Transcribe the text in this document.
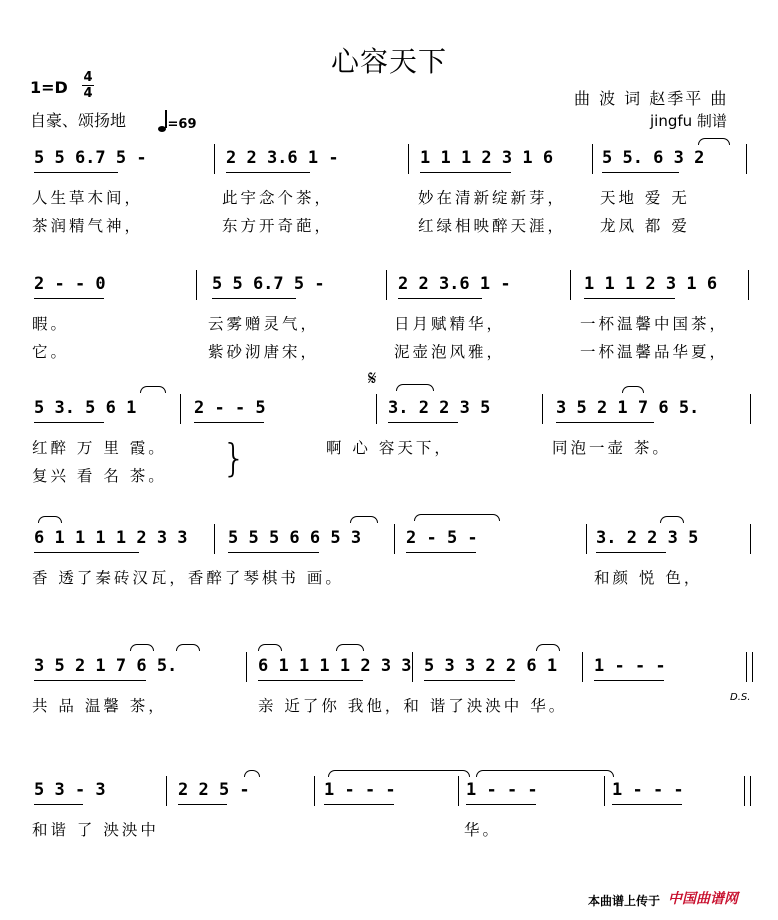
心容天下
1=D
4
4
自豪、颂扬地	=69
曲 波 词 赵季平 曲
jingfu 制谱
5 5 6.7 5 -	2 2 3.6 1 -	1 1 1 2 3 1 6	5 5. 6 3 2
人生草木间，	此宇念个茶，	妙在清新绽新芽， 天地 爱 无
茶润精气神，	东方开奇葩，	红绿相映醉天涯， 龙凤 都 爱
2 - - 0	5 5 6.7 5 -	2 2 3.6 1 -	1 1 1 2 3 1 6
暇。	云雾赠灵气，	日月赋精华，	一杯温馨中国茶，
它。	紫砂沏唐宋，	泥壶泡风雅，	一杯温馨品华夏，
5 3. 5 6 1	2 - - 5	3. 2 2 3 5	3 5 2 1 7 6 5.
红醉 万 里 霞。	啊 心 容天下，	同泡一壶 茶。
复兴 看 名 茶。
6 1 1 1 1 2 3 3 5 5 5 6 6 5 3	2 - 5 -	3. 2 2 3 5
香 透了秦砖汉瓦，香醉了琴棋书 画。	和颜 悦 色，
3 5 2 1 7 6 5.	6 1 1 1 1 2 3 3 5 3 3 2 2 6 1 1 - - -
共 品 温馨 茶，	亲 近了你 我他，和 谐了泱泱中 华。	D.S.
5 3 - 3	2 2 5 -	1 - - -	1 - - -	1 - - -
和谐 了 泱泱中	华。
𝄋
}
本曲谱上传于 中国曲谱网
